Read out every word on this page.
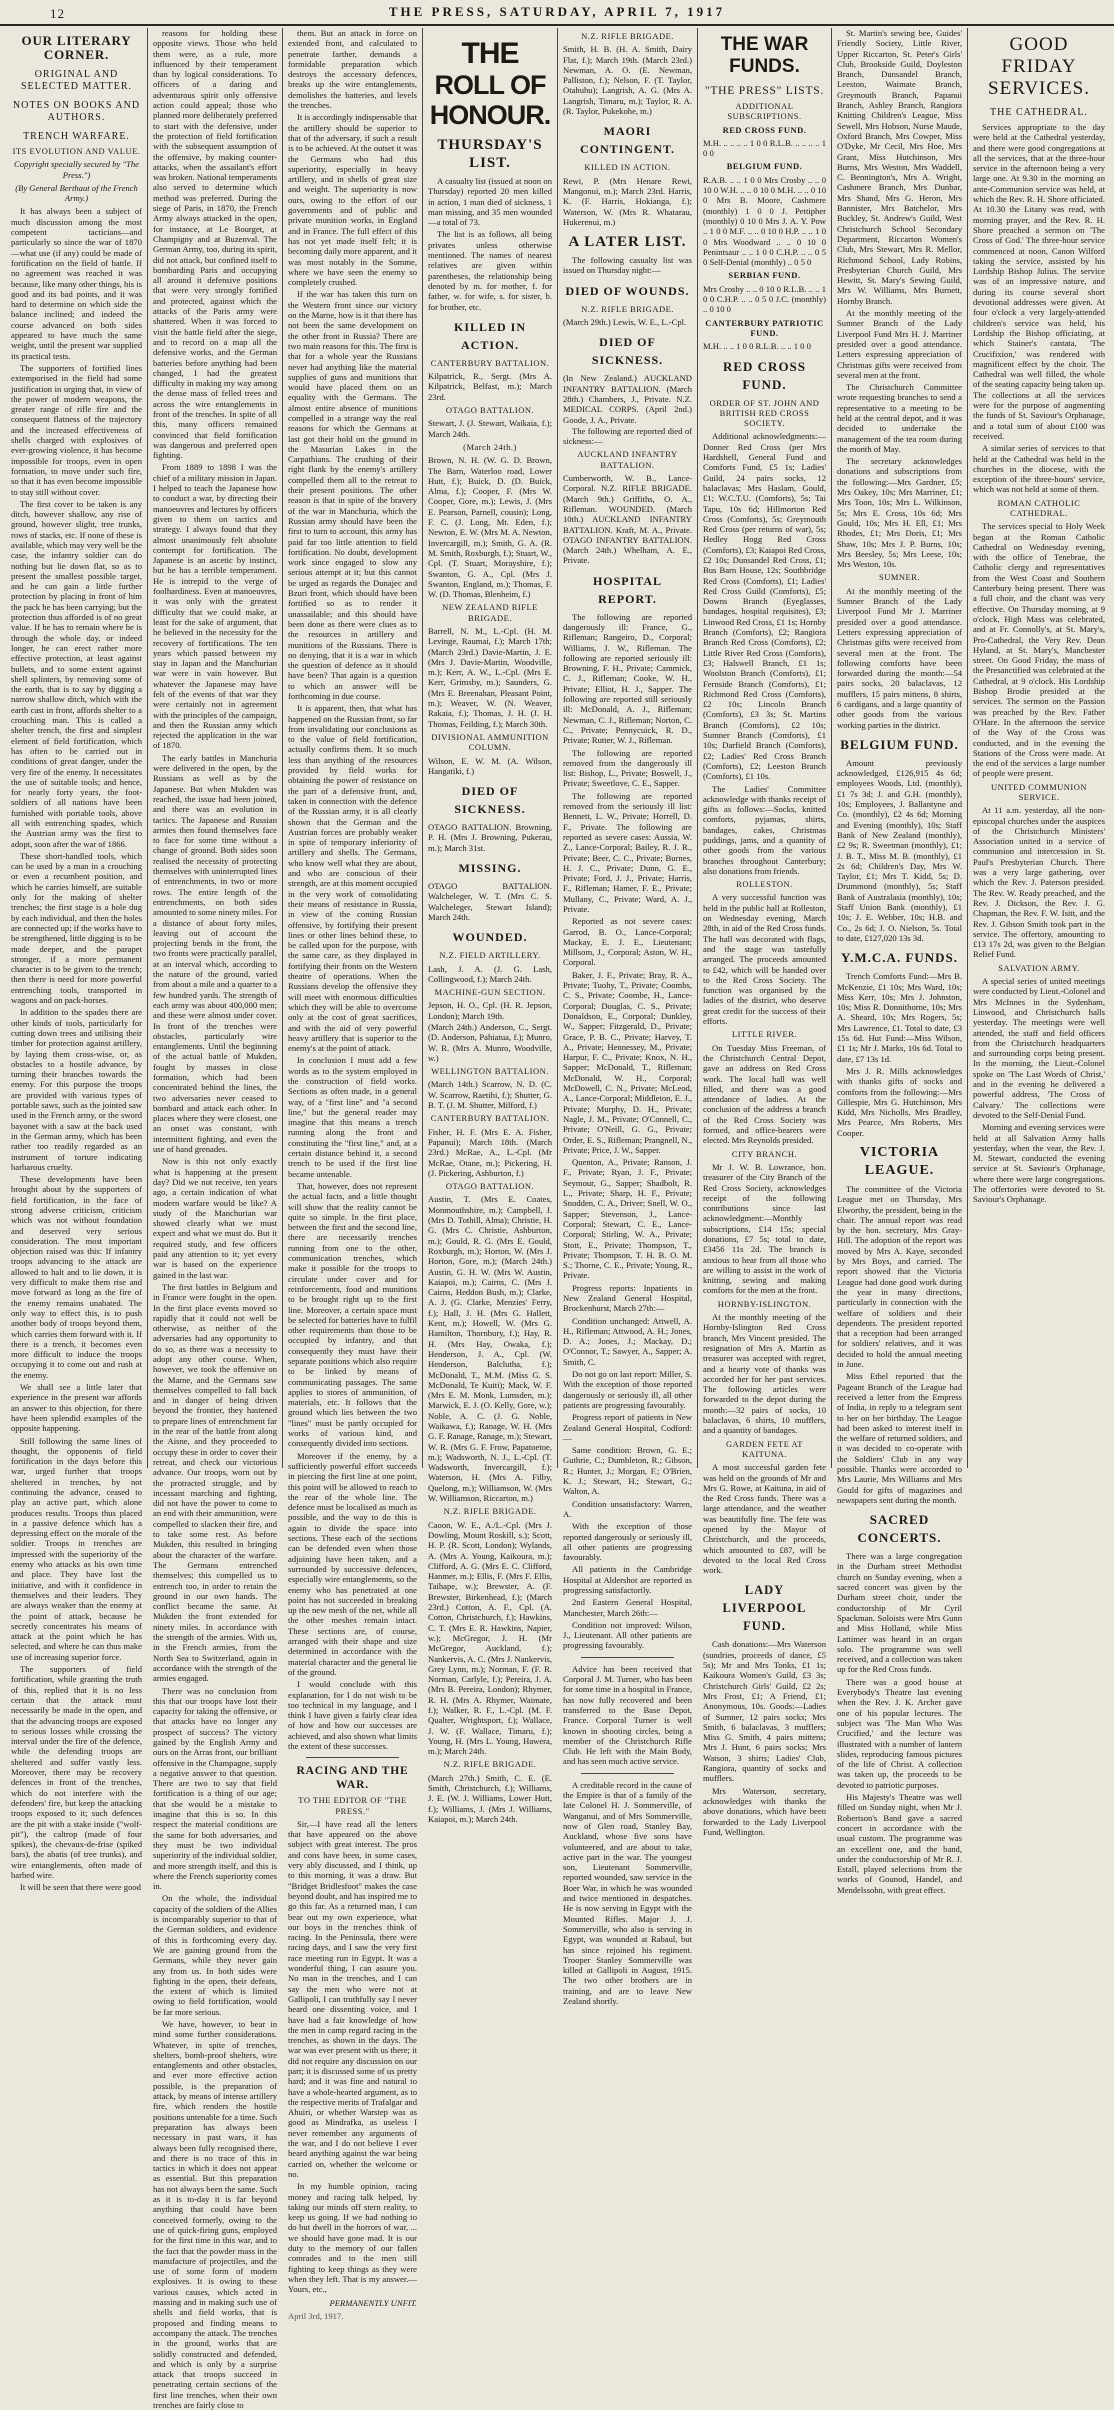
12	THE PRESS, SATURDAY, APRIL 7, 1917
OUR LITERARY CORNER.
ORIGINAL AND SELECTED MATTER.
NOTES ON BOOKS AND AUTHORS.
TRENCH WARFARE.
ITS EVOLUTION AND VALUE.

Copyright specially secured by "The Press.")

(By General Berthaut of the French Army.)

It has always been a subject of much discussion among the most competent tacticians—and particularly so since the war of 1870—what use (if any) could be made of fortification on the field of battle. If no agreement was reached it was because, like many other things, his is good and its bad points, and it was hard to determine on which side the balance inclined; and indeed the course advanced on both sides appeared to have much the same weight, until the present war supplied its practical tests.

The supporters of fortified lines extemporised in the field had some justification in urging that, in view of the power of modern weapons, the greater range of rifle fire and the consequent flatness of the trajectory and the increased effectiveness of shells charged with explosives of ever-growing violence, it has become impossible for troops, even in open formation, to move under such fire, so that it has even become impossible to stay still without cover.

The first cover to be taken is any ditch, however shallow, any rise of ground, however slight, tree trunks, rows of stacks, etc. If none of these is available, which may very well be the case, the infantry soldier can do nothing but lie down flat, so as to present the smallest possible target, and he can gain a little further protection by placing in front of him the pack he has been carrying; but the protection thus afforded is of no great value. If he has to remain where he is through the whole day, or indeed longer, he can erect rather more effective protection, at least against bullets, and to some extent against shell splinters, by removing some of the earth, that is to say by digging a narrow shallow ditch, which with the earth cast in front, affords shelter to a crouching man. This is called a shelter trench, the first and simplest element of field fortification, which has often to be carried out in conditions of great danger, under the very fire of the enemy. It necessitates the use of suitable tools; and hence, for nearly forty years, the foot-soldiers of all nations have been furnished with portable tools, above all with entrenching spades, which the Austrian army was the first to adopt, soon after the war of 1866.

These short-handled tools, which can be used by a man in a crouching or even a recumbent position, and which he carries himself, are suitable only for the making of shelter trenches; the first stage is a hole dug by each individual, and then the holes are connected up; if the works have to be strengthened, little digging is to be made deeper, and the parapet stronger, if a more permanent character is to be given to the trench; then there is need for more powerful entrenching tools, transported in wagons and on pack-horses.

In addition to the spades there are other kinds of tools, particularly for cutting down trees and utilising their timber for protection against artillery, by laying them cross-wise, or, as obstacles to a hostile advance, by turning their branches towards the enemy. For this purpose the troops are provided with various types of portable saws, such as the jointed saw used in the French army, or the sword bayonet with a saw at the back used in the German army, which has been rather too readily regarded as an instrument of torture indicating barbarous cruelty.

These developments have been brought about by the supporters of field fortification, in the face of strong adverse criticism, criticism which was not without foundation and deserved very serious consideration. The most important objection raised was this: If infantry troops advancing to the attack are allowed to halt and to lie down, it is very difficult to make them rise and move forward as long as the fire of the enemy remains unabated. The only way to effect this, is to push another body of troops beyond them, which carries them forward with it. If there is a trench, it becomes even more difficult to induce the troops occupying it to come out and rush at the enemy.

We shall see a little later that experience in the present war affords an answer to this objection, for there have been splendid examples of the opposite happening.

Still following the same lines of thought, the opponents of field fortification in the days before this war, urged further that troops sheltered in trenches, by not continuing the advance, ceased to play an active part, which alone produces results. Troops thus placed in a passive defence which has a depressing effect on the morale of the soldier. Troops in trenches are impressed with the superiority of the enemy who attacks as his own time and place. They have lost the initiative, and with it confidence in themselves and their leaders. They are always weaker than the enemy at the point of attack, because he secretly concentrates his means of attack at the point which he has selected, and where he can thus make use of increasing superior force.

The supporters of field fortification, while granting the truth of this, replied that it is no less certain that the attack must necessarily be made in the open, and that the advancing troops are exposed to serious losses while crossing the interval under the fire of the defence, while the defending troops are sheltered and suffer vastly less. Moreover, there may be recovery defences in front of the trenches, which do not interfere with the defenders' fire, but keep the attacking troops exposed to it; such defences are the pit with a stake inside ("wolf-pit"), the caltrop (made of four spikes), the chevaux-de-frise (spiked bars), the abatis (of tree trunks), and wire entanglements, often made of barbed wire.

It will be seen that there were good

reasons for holding these opposite views. Those who held them were, as a rule, more influenced by their temperament than by logical considerations. To officers of a daring and adventurous spirit only offensive action could appeal; those who planned more deliberately preferred to start with the defensive, under the protection of field fortification with the subsequent assumption of the offensive, by making counter-attacks, when the assailant's effort was broken. National temperaments also served to determine which method was preferred. During the siege of Paris, in 1870, the French Army always attacked in the open, for instance, at Le Bourget, at Champigny and at Buzenval. The German Army, too, during its spirit, did not attack, but confined itself to bombarding Paris and occupying all around it defensive positions that were very strongly fortified and protected, against which the attacks of the Paris army were shattered. When it was forced to visit the battle field after the siege, and to record on a map all the defensive works, and the German batteries before anything had been changed, I had the greatest difficulty in making my way among the dense mass of felled trees and across the wire entanglements in front of the trenches. In spite of all this, many officers remained convinced that field fortification was dangerous and preferred open fighting.

From 1889 to 1898 I was the chief of a military mission in Japan. I helped to teach the Japanese how to conduct a war, by directing their manoeuvres and lectures by officers given to them on tactics and strategy. I always found that they almost unanimously felt absolute contempt for fortification. The Japanese is an ascetic by instinct, but he has a terrible temperament. He is intrepid to the verge of foolhardiness. Even at manoeuvres, it was only with the greatest difficulty that we could make, at least for the sake of argument, that he believed in the necessity for the recovery of fortifications. The ten years which passed between my stay in Japan and the Manchurian war were in vain however. But whatever the Japanese may have felt of the events of that war they were certainly not in agreement with the principles of the campaign, and then the Russian army which rejected the application in the war of 1870.

The early battles in Manchuria were delivered in the open, by the Russians as well as by the Japanese. But when Mukden was reached, the issue had been joined, and there was an evolution in tactics. The Japanese and Russian armies then found themselves face to face for some time without a change of ground. Both sides soon realised the necessity of protecting themselves with uninterrupted lines of entrenchments, in two or more rows. The entire length of the entrenchments, on both sides amounted to some ninety miles. For a distance of about forty miles, leaving out of account the projecting bends in the front, the two fronts were practically parallel, at an interval which, according to the nature of the ground, varied from about a mile and a quarter to a few hundred yards. The strength of each army was about 400,000 men; and these were almost under cover. In front of the trenches were obstacles, particularly wire entanglements. Until the beginning of the actual battle of Mukden, fought by masses in close formation, which had been concentrated behind the lines, the two adversaries never ceased to bombard and attack each other. In places where they were closest, one an onset was constant, with intermittent fighting, and even the use of hand grenades.

Now is this not only exactly what is happening at the present day? Did we not receive, ten years ago, a certain indication of what modern warfare would be like? A study of the Manchurian war showed clearly what we must expect and what we must do. But it required study, and few officers paid any attention to it; yet every war is based on the experience gained in the last war.

The first battles in Belgium and in France were fought in the open. In the first place events moved so rapidly that it could not well be otherwise, as neither of the adversaries had any opportunity to do so, as there was a necessity to adopt any other course. When, however, we took the offensive on the Marne, and the Germans saw themselves compelled to fall back and in danger of being driven beyond the frontier, they hastened to prepare lines of entrenchment far in the rear of the battle front along the Aisne, and they proceeded to occupy these in order to cover their retreat, and check our victorious advance. Our troops, worn out by the protracted struggle, and by incessant marching and fighting, did not have the power to come to an end with their ammunition, were compelled to slacken their fire, and to take some rest. As before Mukden, this resulted in bringing about the character of the warfare. The Germans entrenched themselves; this compelled us to entrench too, in order to retain the ground in our own hands. The conflict became the same. At Mukden the front extended for ninety miles. In accordance with the strength of the armies. With us, in the French armies, from the North Sea to Switzerland, again in accordance with the strength of the armies engaged.

There was no conclusion from this that our troops have lost their capacity for taking the offensive, or that attacks have no longer any prospect of success? The victory gained by the English Army and ours on the Arras front, our brilliant offensive in the Champagne, supply a negative answer to that question. There are two to say that field fortification is a thing of our age; that she would be a mistake to imagine that this is so. In this respect the material conditions are the same for both adversaries, and they must be two individual superiority of the individual soldier, and more strength itself, and this is where the French superiority comes in.

On the whole, the individual capacity of the soldiers of the Allies is incomparably superior to that of the German soldiers, and evidence of this is forthcoming every day. We are gaining ground from the Germans, while they never gain any from us. In both sides were fighting in the open, their defeats, the extent of which is limited owing to field fortification, would be far more serious.

We have, however, to bear in mind some further considerations. Whatever, in spite of trenches, shelters, bomb-proof shelters, wire entanglements and other obstacles, and ever more effective action possible, is the preparation of attack, by means of intense artillery fire, which renders the hostile positions untenable for a time. Such preparation has always been necessary in past wars, it has always been fully recognised there, and there is no trace of this in tactics in which it does not appear as essential. But this preparation has not always been the same. Such as it is to-day it is far beyond anything that could have been conceived formerly, owing to the use of quick-firing guns, employed for the first time in this war, and to the fact that the powder mass in the manufacture of projectiles, and the use of some form of modern explosives. It is owing to these various causes, which acted in massing and in making such use of shells and field works, that is proposed and finding means to accompany the attack. The trenches in the ground, works that are solidly constructed and defended, and which is only by a surprise attack that troops succeed in penetrating certain sections of the first line trenches, when their own trenches are fairly close to

them. But an attack in force on extended front, and calculated to penetrate farther, demands a formidable preparation which destroys the accessory defences, breaks up the wire entanglements, demolishes the batteries, and levels the trenches.

It is accordingly indispensable that the artillery should be superior to that of the adversary, if such a result is to be achieved. At the outset it was the Germans who had this superiority, especially in heavy artillery, and in shells of great size and weight. The superiority is now ours, owing to the effort of our governments and of public and private munition works, in England and in France. The full effect of this has not yet made itself felt; it is becoming daily more apparent, and it was most notably in the Somme, where we have seen the enemy so completely crushed.

If the war has taken this turn on the Western front since our victory on the Marne, how is it that there has not been the same development on the other front in Russia? There are two main reasons for this. The first is that for a whole year the Russians never had anything like the material supplies of guns and munitions that would have placed them on an equality with the Germans. The almost entire absence of munitions compelled in a strange way the real reasons for which the Germans at last got their hold on the ground in the Masurian Lakes in the Carpathians. The crushing of their right flank by the enemy's artillery compelled them all to the retreat to their present positions. The other reason is that in spite of the bravery of the war in Manchuria, which the Russian army should have been the first to turn to account, this army has paid far too little attention to field fortification. No doubt, development work since engaged to slow any serious attempt at it; but this cannot be urged as regards the Dunajec and Bzuri front, which should have been fortified so as to render it unassailable; and this should have been done as there were clues as to the resources in artillery and munitions of the Russians. There is no denying, that it is a war in which the question of defence as it should have been? That again is a question to which an answer will be forthcoming in due course.

It is apparent, then, that what has happened on the Russian front, so far from invalidating our conclusions as to the value of field fortification, actually confirms them. It so much less than anything of the resources provided by field works for obtaining the power of resistance on the part of a defensive front, and, taken in connection with the defence of the Russian army, it is all clearly shown that the German and the Austrian forces are probably weaker in spite of temporary inferiority of artillery and shells. The Germans, who know well what they are about, and who are conscious of their strength, are at this moment occupied in the very work of consolidating their means of resistance in Russia, in view of the coming Russian offensive, by fortifying their present lines or other lines behind these, to be called upon for the purpose, with the same care, as they displayed in fortifying their fronts on the Western theatre of operations. When the Russians develop the offensive they will meet with enormous difficulties which they will be able to overcome only at the cost of great sacrifices, and with the aid of very powerful heavy artillery that is superior to the enemy's at the point of attack.

In conclusion I must add a few words as to the system employed in the construction of field works. Sections as often made, in a general way, of a "first line" and "a second line," but the general reader may imagine that this means a trench running along the front and constituting the "first line," and, at a certain distance behind it, a second trench to be used if the first line became untenable.

That, however, does not represent the actual facts, and a little thought will show that the reality cannot be quite so simple. In the first place, between the first and the second line, there are necessarily trenches running from one to the other, communication trenches, which make it possible for the troops to circulate under cover and for reinforcements, food and munitions to be brought right up to the first line. Moreover, a certain space must be selected for batteries have to fulfil other requirements than those to be occupied by infantry, and that consequently they must have their separate positions which also require to be linked by means of communicating passages. The same applies to stores of ammunition, of materials, etc. It follows that the ground which lies between the two "lines" must be partly occupied for works of various kind, and consequently divided into sections.

Moreover if the enemy, by a sufficiently powerful effort succeeds in piercing the first line at one point, this point will be allowed to reach to the rear of the whole line. The defence must be localised as much as possible, and the way to do this is again to divide the space into sections. These each of the sections can be defended even when those adjoining have been taken, and a surrounded by successive defences, especially wire entanglements, so the enemy who has penetrated at one point has not succeeded in breaking up the new mesh of the net, while all the other meshes remain intact. These sections are, of course, arranged with their shape and size determined in accordance with the material character and the general lie of the ground.

I would conclude with this explanation, for I do not wish to be too technical in my language, and I think I have given a fairly clear idea of how and how our successes are achieved, and also shown what limits the extent of these successes.

RACING AND THE WAR.
TO THE EDITOR OF "THE PRESS."

Sir,—I have read all the letters that have appeared on the above subject with great interest. The pros and cons have been, in some cases, very ably discussed, and I think, up to this morning, it was a draw. But "Bridget Bridlesfoot" makes the case beyond doubt, and has inspired me to go this far. As a returned man, I can bear out my own experience, what our boys in the trenches think of racing. In the Peninsula, there were racing days, and I saw the very first race meeting run in Egypt. It was a wonderful thing, I can assure you. No man in the trenches, and I can say the men who were not at Gallipoli, I can truthfully say I never heard one dissenting voice, and I have had a fair knowledge of how the men in camp regard racing in the trenches, as shown in the days. The war was ever present with us there; it did not require any discussion on our part; it is discussed some of us pretty hard; and it was fine and natural to have a whole-hearted argument, as to the respective merits of Trafalgar and Ahuiri, or whether Warstep was as good as Mindrafka, as useless I never remember any arguments of the war, and I do not believe I ever heard anything against the war being carried on, whether the welcome or no.

In my humble opinion, racing money and racing talk helped, by taking our minds off stern reality, to keep us going. If we had nothing to do but dwell in the horrors of war, ... we should have gone mad. It is our duty to the memory of our fallen comrades and to the men still fighting to keep things as they were when they left. That is my answer.—Yours, etc.,

PERMANENTLY UNFIT.

April 3rd, 1917.

THE
ROLL OF HONOUR.
THURSDAY'S LIST.

A casualty list (issued at noon on Thursday) reported 20 men killed in action, 1 man died of sickness, 1 man missing, and 35 men wounded—a total of 73.

The list is as follows, all being privates unless otherwise mentioned. The names of nearest relatives are given within parentheses, the relationship being denoted by m. for mother, f. for father, w. for wife, s. for sister, b. for brother, etc.

KILLED IN ACTION.
CANTERBURY BATTALION.

Kilpatrick, R., Sergt. (Mrs A. Kilpatrick, Belfast, m.); March 23rd.

OTAGO BATTALION.

Stewart, J. (J. Stewart, Waikaia, f.); March 24th.

(March 24th.)

Brown, N. H. (W. G. D. Brown, The Barn, Waterloo road, Lower Hutt, f.); Buick, D. (D. Buick, Alma, f.); Cooper, F. (Mrs W. Cooper, Gore, m.); Lewis, J. (Mrs E. Pearson, Parnell, cousin); Long, F. C. (J. Long, Mt. Eden, f.); Newton, E. W. (Mrs M. A. Newton, Invercargill, m.); Smith, G. A. (R. M. Smith, Roxburgh, f.); Stuart, W., Cpl. (T. Stuart, Morayshire, f.); Swanton, G. A., Cpl. (Mrs J. Swanton, England, m.); Thomas, F. W. (D. Thomas, Blenheim, f.)

NEW ZEALAND RIFLE BRIGADE.

Barrell, N. M., L.-Cpl. (H. M. Levinge, Raumai, f.); March 17th; (March 23rd.) Davie-Martin, J. E. (Mrs J. Davie-Martin, Woodville, m.); Kerr, A. W., L.-Cpl. (Mrs E. Kerr, Grimsby, m.); Saunders, G. (Mrs E. Breenahan, Pleasant Point, m.); Weaver, W. (N. Weaver, Rakaia, f.); Thomas, J. H. (J. H. Thomas, Feilding, f.); March 30th.

DIVISIONAL AMMUNITION COLUMN.

Wilson, E. W. M. (A. Wilson, Hangatiki, f.)

DIED OF SICKNESS.

OTAGO BATTALION. Browning, P. H. (Mrs J. Browning, Pukerau, m.); March 31st.

MISSING.

OTAGO BATTALION. Walcheleger, W. T. (Mrs C. S. Walcheleger, Stewart Island); March 24th.

WOUNDED.
N.Z. FIELD ARTILLERY.

Lash, J. A. (J. G. Lash, Collingwood, f.); March 24th.

MACHINE-GUN SECTION.

Jepson, H. O., Cpl. (H. R. Jepson, London); March 19th.

(March 24th.) Anderson, C., Sergt. (D. Anderson, Pahiatua, f.); Munro, W. R. (Mrs A. Munro, Woodville, w.)

WELLINGTON BATTALION.

(March 14th.) Scarrow, N. D. (C. W. Scarrow, Raetihi, f.); Shutter, G. B. T. (J. M. Shutter, Milford, f.)

CANTERBURY BATTALION.

Fisher, H. F. (Mrs E. A. Fisher, Papanui); March 18th. (March 23rd.) McRae, A., L.-Cpl. (Mr McRae, Otane, m.); Pickering, H. (J. Pickering, Ashburton, f.)

OTAGO BATTALION.

Austin, T. (Mrs E. Coates, Monmouthshire, m.); Campbell, J. (Mrs D. Tothill, Alma); Christie, H. G. (Mrs C. Christie, Ashburton, m.); Gould, R. G. (Mrs E. Gould, Roxburgh, m.); Horton, W. (Mrs J. Horton, Gore, m.); (March 24th.) Austin, G. H. W. (Mrs W. Austin, Kaiapoi, m.); Cairns, C. (Mrs J. Cairns, Heddon Bush, m.); Clarke, A. J. (G. Clarke, Menzies' Ferry, f.); Hall, J. H. (Mrs G. Hallett, Kent, m.); Howell, W. (Mrs G. Hamilton, Thornbury, f.); Hay, R. H. (Mrs Hay, Owaka, f.); Henderson, J. A., Cpl. (W. Henderson, Balclutha, f.); McDonald, T., M.M. (Miss G. S. McDonald, Te Kuiti); Mack, W. F. (Mrs E. M. Monk, Lumsden, m.); Marwick, E. J. (O. Kelly, Gore, w.); Noble, A. C. (J. G. Noble, Waikawa, f.); Ranage, W. H. (Mrs G. F. Ranage, Ranage, m.); Stewart, W. R. (Mrs G. F. Frow, Papatoetoe, m.); Wadsworth, N. J., L.-Cpl. (T. Wadsworth, Invercargill, f.); Waterson, H. (Mrs A. Filby, Quelong, m.); Williamson, W. (Mrs W. Williamson, Riccarton, m.)

N.Z. RIFLE BRIGADE.

Caoon, W. E., A./L.-Cpl. (Mrs J. Dowling, Mount Roskill, s.); Scott, H. P. (R. Scott, London); Wylands, A. (Mrs A. Young, Kaikoura, m.); Clifford, A. G. (Mrs E. C. Clifford, Hanmer, m.); Ellis, F. (Mrs F. Ellis, Taihape, w.); Brewster, A. (F. Brewster, Birkenhead, f.); (March 23rd.) Cotton, A. F., Cpl. (A. Cotton, Christchurch, f.); Hawkins, C. T. (Mrs E. R. Hawkins, Napier, w.); McGregor, J. H. (Mr McGregor, Auckland, f.); Nankervis, A. C. (Mrs J. Nankervis, Grey Lynn, m.); Norman, F. (F. R. Norman, Carlyle, f.); Pereira, J. A. (Mrs B. Pereira, London); Rhymer, R. H. (Mrs A. Rhymer, Waimate, f.); Walker, R. F., L.-Cpl. (M. F. Qualter, Wrightsport, f.); Wallace, J. W. (F. Wallace, Timaru, f.); Young, H. (Mrs L. Young, Hawera, m.); March 24th.

N.Z. RIFLE BRIGADE.

(March 27th.) Smith, C. E. (E. Smith, Christchurch, f.); Williams, J. E. (W. J. Williams, Lower Hutt, f.); Williams, J. (Mrs J. Williams, Kaiapoi, m.); March 24th.

N.Z. RIFLE BRIGADE.

Smith, H. B. (H. A. Smith, Dairy Flat, f.); March 19th. (March 23rd.) Newman, A. O. (E. Newman, Palliston, f.); Nelson, F. (T. Taylor, Otahuhu); Langrish, A. G. (Mrs A. Langrish, Timaru, m.); Taylor, R. A. (R. Taylor, Pukekohe, m.)

MAORI CONTINGENT.
KILLED IN ACTION.

Rewi, P. (Mrs Henare Rewi, Mangonui, m.); March 23rd. Harris, K. (F. Harris, Hokianga, f.); Waterson, W. (Mrs R. Whatarau, Hukerenui, m.)

A LATER LIST.

The following casualty list was issued on Thursday night:—

DIED OF WOUNDS.
N.Z. RIFLE BRIGADE.

(March 29th.) Lewis, W. E., L.-Cpl.

DIED OF SICKNESS.

(In New Zealand.) AUCKLAND INFANTRY BATTALION. (March 28th.) Chambers, J., Private. N.Z. MEDICAL CORPS. (April 2nd.) Goode, J. A., Private.

The following are reported died of sickness:—

AUCKLAND INFANTRY BATTALION.

Cumberworth, W. B., Lance-Corporal. N.Z. RIFLE BRIGADE. (March 9th.) Griffiths, O. A., Rifleman. WOUNDED. (March 10th.) AUCKLAND INFANTRY BATTALION. Kraft, M. A., Private. OTAGO INFANTRY BATTALION. (March 24th.) Whelham, A. E., Private.

HOSPITAL REPORT.

The following are reported dangerously ill: France, G., Rifleman; Rangeiro, D., Corporal; Williams, J. W., Rifleman. The following are reported seriously ill: Browning, F. H., Private; Cammick, C. J., Rifleman; Cooke, W. H., Private; Elliot, H. J., Sapper. The following are reported still seriously ill: McDonald, A. J., Rifleman; Newman, C. J., Rifleman; Norton, C. C., Private; Pennycuick, R. D., Private; Rutter, W. J., Rifleman.

The following are reported removed from the dangerously ill list: Bishop, L., Private; Boswell, J., Private; Sweetlove, C. E., Sapper.

The following are reported removed from the seriously ill list: Bennett, L. W., Private; Horrell, D. F., Private. The following are reported as severe cases: Aussia, W. Z., Lance-Corporal; Bailey, R. J. R., Private; Beer, C. C., Private; Burnes, H. J. C., Private; Dunn, G. E., Private; Ford, J. J., Private; Harris, F., Rifleman; Hamer, F. E., Private; Mullany, C., Private; Ward, A. J., Private.

Reported as not severe cases: Garrod, B. O., Lance-Corporal; Mackay, E. J. E., Lieutenant; Millsom, J., Corporal; Aston, W. H., Corporal.

Baker, J. F., Private; Bray, R. A., Private; Tuohy, T., Private; Coombs, C. S., Private; Coombe, H., Lance-Corporal; Douglas, C. S., Private; Donaldson, E., Corporal; Dunkley, W., Sapper; Fitzgerald, D., Private; Grace, P. B. C., Private; Harvey, T. A., Private; Hennessey, M., Private; Harpur, F. C., Private; Knox, N. H., Sapper; McDonald, T., Rifleman; McDonald, W. H., Corporal; McDowell, C. N., Private; McLeod, A., Lance-Corporal; Middleton, E. J., Private; Murphy, D. H., Private; Nagle, J. M., Private; O'Connell, C., Private; O'Neill, G. G., Private; Order, E. S., Rifleman; Prangnell, N., Private; Price, J. W., Sapper.

Quenton, A., Private; Ranson, J. F., Private; Ryan, J. F., Private; Seymour, G., Sapper; Shadbolt, R. L., Private; Sharp, H. F., Private; Snodden, C. A., Driver; Snell, W. O., Sapper; Stevenson, J., Lance-Corporal; Stewart, C. E., Lance-Corporal; Stirling, W. A., Private; Stott, E., Private; Thompson, T., Private; Thompson, T. H. B. O. M. S.; Thorne, C. E., Private; Young, R., Private.

Progress reports: Inpatients in New Zealand General Hospital, Brockenhurst, March 27th:—

Condition unchanged: Attwell, A. H., Rifleman; Attwood, A. H.; Jones, D. A.; Jones, J.; Mackay, D.; O'Connor, T.; Sawyer, A., Sapper; A. Smith, C.

Do not go on last report: Miller, S. With the exception of those reported dangerously or seriously ill, all other patients are progressing favourably.

Progress report of patients in New Zealand General Hospital, Codford:—

Same condition: Brown, G. E.; Guthrie, C.; Dumbleton, R.; Gibson, R.; Hunter, J.; Morgan, F.; O'Brien, K. J.; Stewart, H.; Stewart, G.; Walton, A.

Condition unsatisfactory: Warren, A.

With the exception of those reported dangerously or seriously ill, all other patients are progressing favourably.

All patients in the Cambridge Hospital at Aldershot are reported as progressing satisfactorily.

2nd Eastern General Hospital, Manchester, March 26th:—

Condition not improved: Wilson, J., Lieutenant. All other patients are progressing favourably.

Advice has been received that Corporal J. M. Turner, who has been for some time in a hospital in France, has now fully recovered and been transferred to the Base Depot, France. Corporal Turner is well known in shooting circles, being a member of the Christchurch Rifle Club. He left with the Main Body, and has seen much active service.

A creditable record in the cause of the Empire is that of a family of the late Colonel H. J. Sommerville, of Wanganui, and of Mrs Sommerville, now of Glen road, Stanley Bay, Auckland, whose five sons have volunteered, and are about to take, active part in the war. The youngest son, Lieutenant Sommerville, reported wounded, saw service in the Boer War, in which he was wounded and twice mentioned in despatches. He is now serving in Egypt with the Mounted Rifles. Major J. J. Sommerville, who also is serving in Egypt, was wounded at Rabaul, but has since rejoined his regiment. Trooper Stanley Sommerville was killed at Gallipoli in August, 1915. The two other brothers are in training, and are to leave New Zealand shortly.

THE WAR FUNDS.
"THE PRESS" LISTS.
ADDITIONAL SUBSCRIPTIONS.
RED CROSS FUND.

M.H. .. .. .. .. 1 0 0 R.L.B. .. .. .. .. 1 0 0

BELGIUM FUND.

R.A.B. .. .. 1 0 0 Mrs Crosby .. .. 0 10 0 W.H. .. .. 0 10 0 M.H. .. .. 0 10 0 Mrs B. Moore, Cashmere (monthly) 1 0 0 J. Pettipher (monthly) 0 10 0 Mrs J. A. Y. Pow .. 1 0 0 M.F. .. .. 0 10 0 H.P. .. .. 1 0 0 Mrs Woodward .. .. 0 10 0 Penintsaur .. .. 1 0 0 C.H.P. .. .. 0 5 0 Self-Denial (monthly) .. 0 5 0

SERBIAN FUND.

Mrs Crosby .. .. 0 10 0 R.L.B. .. .. 1 0 0 C.H.P. .. .. 0 5 0 J.C. (monthly) .. 0 10 0

CANTERBURY PATRIOTIC FUND.

M.H. .. .. 1 0 0 R.L.B. .. .. 1 0 0

RED CROSS FUND.
ORDER OF ST. JOHN AND BRITISH RED CROSS SOCIETY.

Additional acknowledgments:—Donner Red Cross (per Mrs Hardshell, General Fund and Comforts Fund, £5 1s; Ladies' Guild, 24 pairs socks, 12 balaclavas; Mrs Haslam, Gould, £1; W.C.T.U. (Comforts), 5s; Tai Tapu, 10s 6d; Hillmorton Red Cross (Comforts), 5s; Greymouth Red Cross (per returns of war), 5s; Hedley Hogg Red Cross (Comforts), £3; Kaiapoi Red Cross, £2 10s; Dunsandel Red Cross, £1; Bus Barn House, 12s; Southbridge Red Cross (Comforts), £1; Ladies' Red Cross Guild (Comforts), £5; Downs Branch (Eyeglasses, bandages, hospital requisites), £3; Linwood Red Cross, £1 1s; Hornby Branch (Comforts), £2; Rangiora Branch Red Cross (Comforts), £2; Little River Red Cross (Comforts), £3; Halswell Branch, £1 1s; Woolston Branch (Comforts), £1; Fernside Branch (Comforts), £1; Richmond Red Cross (Comforts), £2 10s; Lincoln Branch (Comforts), £3 3s; St. Martins Branch (Comforts), £2 10s; Sumner Branch (Comforts), £1 10s; Darfield Branch (Comforts), £2; Ladies' Red Cross Branch (Comforts), £2; Leeston Branch (Comforts), £1 10s.

The Ladies' Committee acknowledge with thanks receipt of gifts as follows:—Socks, knitted comforts, pyjamas, shirts, bandages, cakes, Christmas puddings, jams, and a quantity of other goods from the various branches throughout Canterbury; also donations from friends.

ROLLESTON.

A very successful function was held in the public hall at Rolleston, on Wednesday evening, March 28th, in aid of the Red Cross funds. The hall was decorated with flags, and the stage was tastefully arranged. The proceeds amounted to £42, which will be handed over to the Red Cross Society. The function was organised by the ladies of the district, who deserve great credit for the success of their efforts.

LITTLE RIVER.

On Tuesday Miss Freeman, of the Christchurch Central Depot, gave an address on Red Cross work. The local hall was well filled, and there was a good attendance of ladies. At the conclusion of the address a branch of the Red Cross Society was formed, and office-bearers were elected. Mrs Reynolds presided.

CITY BRANCH.

Mr J. W. B. Lowrance, hon. treasurer of the City Branch of the Red Cross Society, acknowledges receipt of the following contributions since last acknowledgment:—Monthly subscriptions, £14 15s; special donations, £7 5s; total to date, £3456 11s 2d. The branch is anxious to hear from all those who are willing to assist in the work of knitting, sewing and making comforts for the men at the front.

HORNBY-ISLINGTON.

At the monthly meeting of the Hornby-Islington Red Cross branch, Mrs Vincent presided. The resignation of Mrs A. Martin as treasurer was accepted with regret, and a hearty vote of thanks was accorded her for her past services. The following articles were forwarded to the depot during the month:—32 pairs of socks, 10 balaclavas, 6 shirts, 10 mufflers, and a quantity of bandages.

GARDEN FETE AT KAITUNA.

A most successful garden fete was held on the grounds of Mr and Mrs G. Rowe, at Kaituna, in aid of the Red Cross funds. There was a large attendance, and the weather was beautifully fine. The fete was opened by the Mayor of Christchurch, and the proceeds, which amounted to £87, will be devoted to the local Red Cross work.

LADY LIVERPOOL FUND.

Cash donations:—Mrs Waterson (sundries, proceeds of dance, £5 5s); Mr and Mrs Tonks, £1 1s; Kaikoura Women's Guild, £3 3s; Christchurch Girls' Guild, £2 2s; Mrs Frost, £1; A Friend, £1; Anonymous, 10s. Goods:—Ladies of Sumner, 12 pairs socks; Mrs Smith, 6 balaclavas, 3 mufflers; Miss G. Smith, 4 pairs mittens; Mrs J. Hunt, 6 pairs socks; Mrs Watson, 3 shirts; Ladies' Club, Rangiora, quantity of socks and mufflers.

Mrs Waterson, secretary, acknowledges with thanks the above donations, which have been forwarded to the Lady Liverpool Fund, Wellington.

St. Martin's sewing bee, Guides' Friendly Society, Little River, Upper Riccarton, St. Peter's Girls' Club, Brookside Guild, Doyleston Branch, Dunsandel Branch, Leeston, Waimate Branch, Greymouth Branch, Papanui Branch, Ashley Branch, Rangiora Knitting Children's League, Miss Sewell, Mrs Hobson, Nurse Maude, Oxford Branch, Mrs Cowper, Miss O'Dyke, Mr Cecil, Mrs Hoe, Mrs Grant, Miss Hutchinson, Mrs Burns, Mrs Weston, Mrs Waddell, C. Bennington's, Mrs A. Wright, Cashmere Branch, Mrs Dunbar, Mrs Shand, Mrs G. Heron, Mrs Bannister, Mrs Batchelor, Mrs Buckley, St. Andrew's Guild, West Christchurch School Secondary Department, Riccarton Women's Club, Mrs Stewart, Mrs R. Mellor, Richmond School, Lady Robins, Presbyterian Church Guild, Mrs Hewitt, St. Mary's Sewing Guild, Mrs W. Williams, Mrs Burnett, Hornby Branch.

At the monthly meeting of the Sumner Branch of the Lady Liverpool Fund Mrs H. J. Marriner presided over a good attendance. Letters expressing appreciation of Christmas gifts were received from several men at the front.

The Christchurch Committee wrote requesting branches to send a representative to a meeting to be held at the central depot, and it was decided to undertake the management of the tea room during the month of May.

The secretary acknowledges donations and subscriptions from the following:—Mrs Gardner, £5; Mrs Oakey, 10s; Mrs Marriner, £1; Mrs Toon, 10s; Mrs L. Wilkinson, 5s; Mrs E. Cross, 10s 6d; Mrs Gould, 10s; Mrs H. Ell, £1; Mrs Rhodes, £1; Mrs Doris, £1; Mrs Shaw, 10s; Mrs J. P. Burns, 10s; Mrs Beesley, 5s; Mrs Leese, 10s; Mrs Weston, 10s.

SUMNER.

At the monthly meeting of the Sumner Branch of the Lady Liverpool Fund Mr J. Marriner presided over a good attendance. Letters expressing appreciation of Christmas gifts were received from several men at the front. The following comforts have been forwarded during the month:—54 pairs socks, 20 balaclavas, 12 mufflers, 15 pairs mittens, 8 shirts, 6 cardigans, and a large quantity of other goods from the various working parties in the district.

BELGIUM FUND.

Amount previously acknowledged, £126,915 4s 6d; employees Woods, Ltd. (monthly), £1 7s 3d; J. and G.H. (monthly), 10s; Employees, J. Ballantyne and Co. (monthly), £2 4s 6d; Morning and Evening (monthly), 10s; Staff Bank of New Zealand (monthly), £2 9s; R. Sweetman (monthly), £1; J. B. T., Miss M. B. (monthly), £1 2s 6d; Children's Day, Mrs W. Taylor, £1; Mrs T. Kidd, 5s; D. Drummond (monthly), 5s; Staff Bank of Australasia (monthly), 10s; Staff Union Bank (monthly), £1 10s; J. E. Webber, 10s; H.B. and Co., 2s 6d; J. O. Nielson, 5s. Total to date, £127,020 13s 3d.

Y.M.C.A. FUNDS.

Trench Comforts Fund:—Mrs B. McKenzie, £1 10s; Mrs Ward, 10s; Miss Kerr, 10s; Mrs J. Johnston, 10s; Miss R. Donnithorne, 10s; Mrs A. Sheard, 10s; Mrs Rogers, 5s; Mrs Lawrence, £1. Total to date, £3 15s 6d. Hut Fund:—Miss Wilson, £1 1s; Mr J. Marks, 10s 6d. Total to date, £7 13s 1d.

Mrs J. R. Mills acknowledges with thanks gifts of socks and comforts from the following:—Mrs Gillespie, Mrs G. Hutchinson, Mrs Kidd, Mrs Nicholls, Mrs Bradley, Mrs Pearce, Mrs Roberts, Mrs Cooper.

VICTORIA LEAGUE.

The committee of the Victoria League met on Thursday, Mrs Elworthy, the president, being in the chair. The annual report was read by the hon. secretary, Mrs Gray-Hill. The adoption of the report was moved by Mrs A. Kaye, seconded by Mrs Boys, and carried. The report showed that the Victoria League had done good work during the year in many directions, particularly in connection with the welfare of soldiers and their dependents. The president reported that a reception had been arranged for soldiers' relatives, and it was decided to hold the annual meeting in June.

Miss Ethel reported that the Pageant Branch of the League had received a letter from the Empress of India, in reply to a telegram sent to her on her birthday. The League had been asked to interest itself in the welfare of returned soldiers, and it was decided to co-operate with the Soldiers' Club in any way possible. Thanks were accorded to Mrs Laurie, Mrs Williams and Mrs Gould for gifts of magazines and newspapers sent during the month.

SACRED CONCERTS.

There was a large congregation in the Durham street Methodist church on Sunday evening, when a sacred concert was given by the Durham street choir, under the conductorship of Mr Cyril Spackman. Soloists were Mrs Gunn and Miss Holland, while Miss Lattimer was heard in an organ solo. The programme was well received, and a collection was taken up for the Red Cross funds.

There was a good house at Everybody's Theatre last evening when the Rev. J. K. Archer gave one of his popular lectures. The subject was 'The Man Who Was Crucified,' and the lecture was illustrated with a number of lantern slides, reproducing famous pictures of the life of Christ. A collection was taken up, the proceeds to be devoted to patriotic purposes.

His Majesty's Theatre was well filled on Sunday night, when Mr J. Robertson's Band gave a sacred concert in accordance with the usual custom. The programme was an excellent one, and the band, under the conductorship of Mr R. J. Estall, played selections from the works of Gounod, Handel, and Mendelssohn, with great effect.

GOOD FRIDAY
SERVICES.
THE CATHEDRAL.

Services appropriate to the day were held at the Cathedral yesterday, and there were good congregations at all the services, that at the three-hour service in the afternoon being a very large one. At 9.30 in the morning an ante-Communion service was held, at which the Rev. R. H. Shore officiated. At 10.30 the Litany was read, with morning prayer, and the Rev. R. H. Shore preached a sermon on 'The Cross of God.' The three-hour service commenced at noon, Canon Wilford taking the service, assisted by his Lordship Bishop Julius. The service was of an impressive nature, and during its course several short devotional addresses were given. At four o'clock a very largely-attended children's service was held, his Lordship the Bishop officiating, at which Stainer's cantata, 'The Crucifixion,' was rendered with magnificent effect by the choir. The Cathedral was well filled, the whole of the seating capacity being taken up. The collections at all the services were for the purpose of augmenting the funds of St. Saviour's Orphanage, and a total sum of about £100 was received.

A similar series of services to that held at the Cathedral was held in the churches in the diocese, with the exception of the three-hours' service, which was not held at some of them.

ROMAN CATHOLIC CATHEDRAL.

The services special to Holy Week began at the Roman Catholic Cathedral on Wednesday evening, with the office of Tenebrae, the Catholic clergy and representatives from the West Coast and Southern Canterbury being present. There was a full choir, and the chant was very effective. On Thursday morning, at 9 o'clock, High Mass was celebrated, and at Fr. Connolly's, at St. Mary's, Pro-Cathedral, the Very Rev. Dean Hyland, at St. Mary's, Manchester street. On Good Friday, the mass of the Presanctified was celebrated at the Cathedral, at 9 o'clock. His Lordship Bishop Brodie presided at the services. The sermon on the Passion was preached by the Rev. Father O'Hare. In the afternoon the service of the Way of the Cross was conducted, and in the evening the Stations of the Cross were made. At the end of the services a large number of people were present.

UNITED COMMUNION SERVICE.

At 11 a.m. yesterday, all the non-episcopal churches under the auspices of the Christchurch Ministers' Association united in a service of communion and intercession in St. Paul's Presbyterian Church. There was a very large gathering, over which the Rev. J. Paterson presided. The Rev. W. Ready preached, and the Rev. J. Dickson, the Rev. J. G. Chapman, the Rev. F. W. Isitt, and the Rev. J. Gibson Smith took part in the service. The offertory, amounting to £13 17s 2d, was given to the Belgian Relief Fund.

SALVATION ARMY.

A special series of united meetings were conducted by Lieut.-Colonel and Mrs McInnes in the Sydenham, Linwood, and Christchurch halls yesterday. The meetings were well attended, the staff and field officers from the Christchurch headquarters and surrounding corps being present. In the morning, the Lieut.-Colonel spoke on 'The Last Words of Christ,' and in the evening he delivered a powerful address, 'The Cross of Calvary.' The collections were devoted to the Self-Denial Fund.

Morning and evening services were held at all Salvation Army halls yesterday, when the vear, the Rev. J. M. Stewart, conducted the evening service at St. Saviour's Orphanage, where there were large congregations. The offertories were devoted to St. Saviour's Orphanage.
